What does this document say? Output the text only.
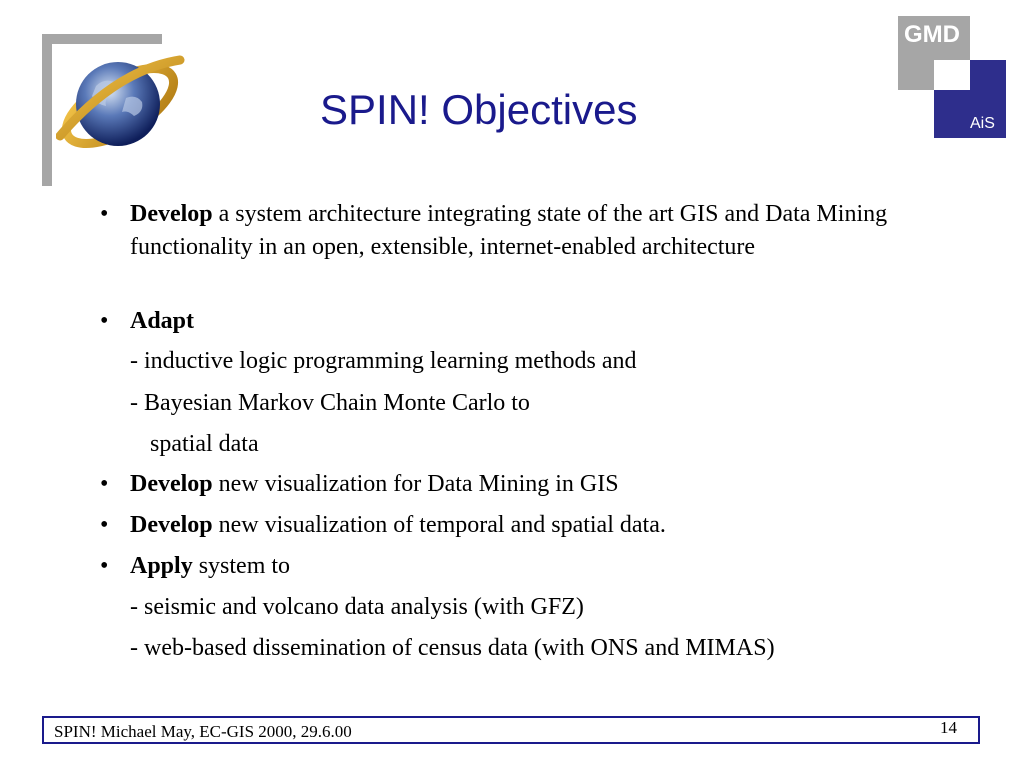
SPIN! Objectives
GMD
AiS
• Develop a system architecture integrating state of the art GIS and Data Mining functionality in an open, extensible, internet-enabled architecture
• Adapt
- inductive logic programming learning methods and
- Bayesian Markov Chain Monte Carlo to
spatial data
• Develop new visualization for Data Mining in GIS
• Develop new visualization of temporal and spatial data.
• Apply system to
- seismic and volcano data analysis (with GFZ)
- web-based dissemination of census data (with ONS and MIMAS)
SPIN! Michael May, EC-GIS 2000, 29.6.00	14
